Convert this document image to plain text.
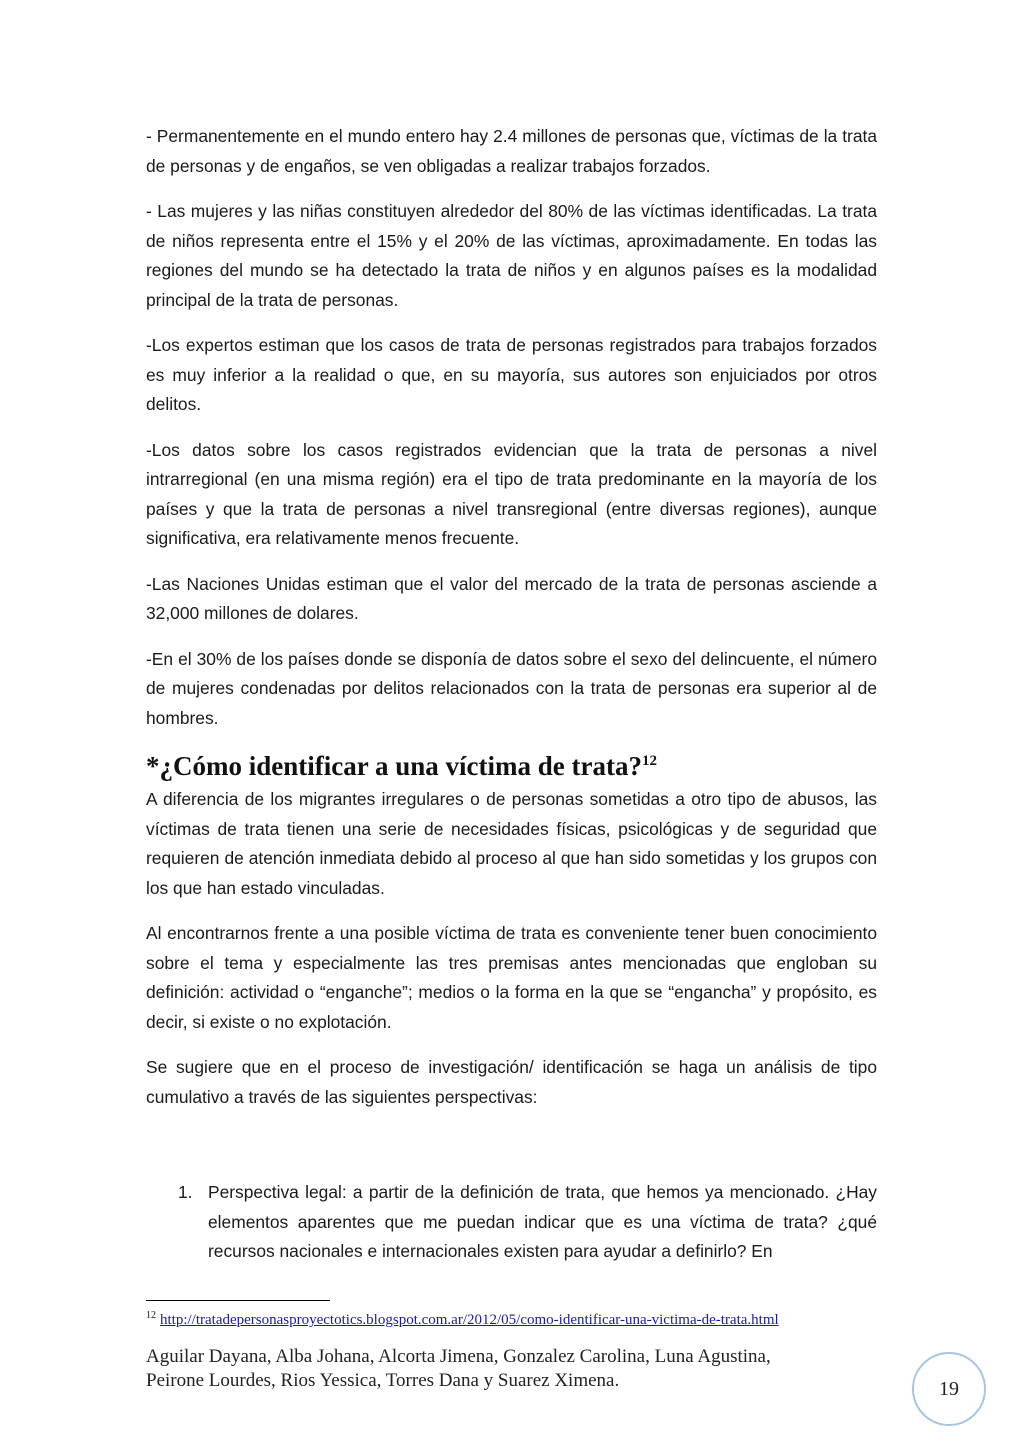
- Permanentemente en el mundo entero hay 2.4 millones de personas que, víctimas de la trata de personas y de engaños, se ven obligadas a realizar trabajos forzados.

- Las mujeres y las niñas constituyen alrededor del 80% de las víctimas identificadas. La trata de niños representa entre el 15% y el 20% de las víctimas, aproximadamente. En todas las regiones del mundo se ha detectado la trata de niños y en algunos países es la modalidad principal de la trata de personas.

-Los expertos estiman que los casos de trata de personas registrados para trabajos forzados es muy inferior a la realidad o que, en su mayoría, sus autores son enjuiciados por otros delitos.

-Los datos sobre los casos registrados evidencian que la trata de personas a nivel intrarregional (en una misma región) era el tipo de trata predominante en la mayoría de los países y que la trata de personas a nivel transregional (entre diversas regiones), aunque significativa, era relativamente menos frecuente.

-Las Naciones Unidas estiman que el valor del mercado de la trata de personas asciende a 32,000 millones de dolares.

-En el 30% de los países donde se disponía de datos sobre el sexo del delincuente, el número de mujeres condenadas por delitos relacionados con la trata de personas era superior al de hombres.

*¿Cómo identificar a una víctima de trata?$^{12}$

A diferencia de los migrantes irregulares o de personas sometidas a otro tipo de abusos, las víctimas de trata tienen una serie de necesidades físicas, psicológicas y de seguridad que requieren de atención inmediata debido al proceso al que han sido sometidas y los grupos con los que han estado vinculadas.

Al encontrarnos frente a una posible víctima de trata es conveniente tener buen conocimiento sobre el tema y especialmente las tres premisas antes mencionadas que engloban su definición: actividad o “enganche”; medios o la forma en la que se “engancha” y propósito, es decir, si existe o no explotación.

Se sugiere que en el proceso de investigación/ identificación se haga un análisis de tipo cumulativo a través de las siguientes perspectivas:

1. Perspectiva legal: a partir de la definición de trata, que hemos ya mencionado. ¿Hay elementos aparentes que me puedan indicar que es una víctima de trata? ¿qué recursos nacionales e internacionales existen para ayudar a definirlo? En
$^{12}$ http://tratadepersonasproyectotics.blogspot.com.ar/2012/05/como-identificar-una-victima-de-trata.html
Aguilar Dayana, Alba Johana, Alcorta Jimena, Gonzalez Carolina, Luna Agustina,
Peirone Lourdes, Rios Yessica, Torres Dana y Suarez Ximena.	19
